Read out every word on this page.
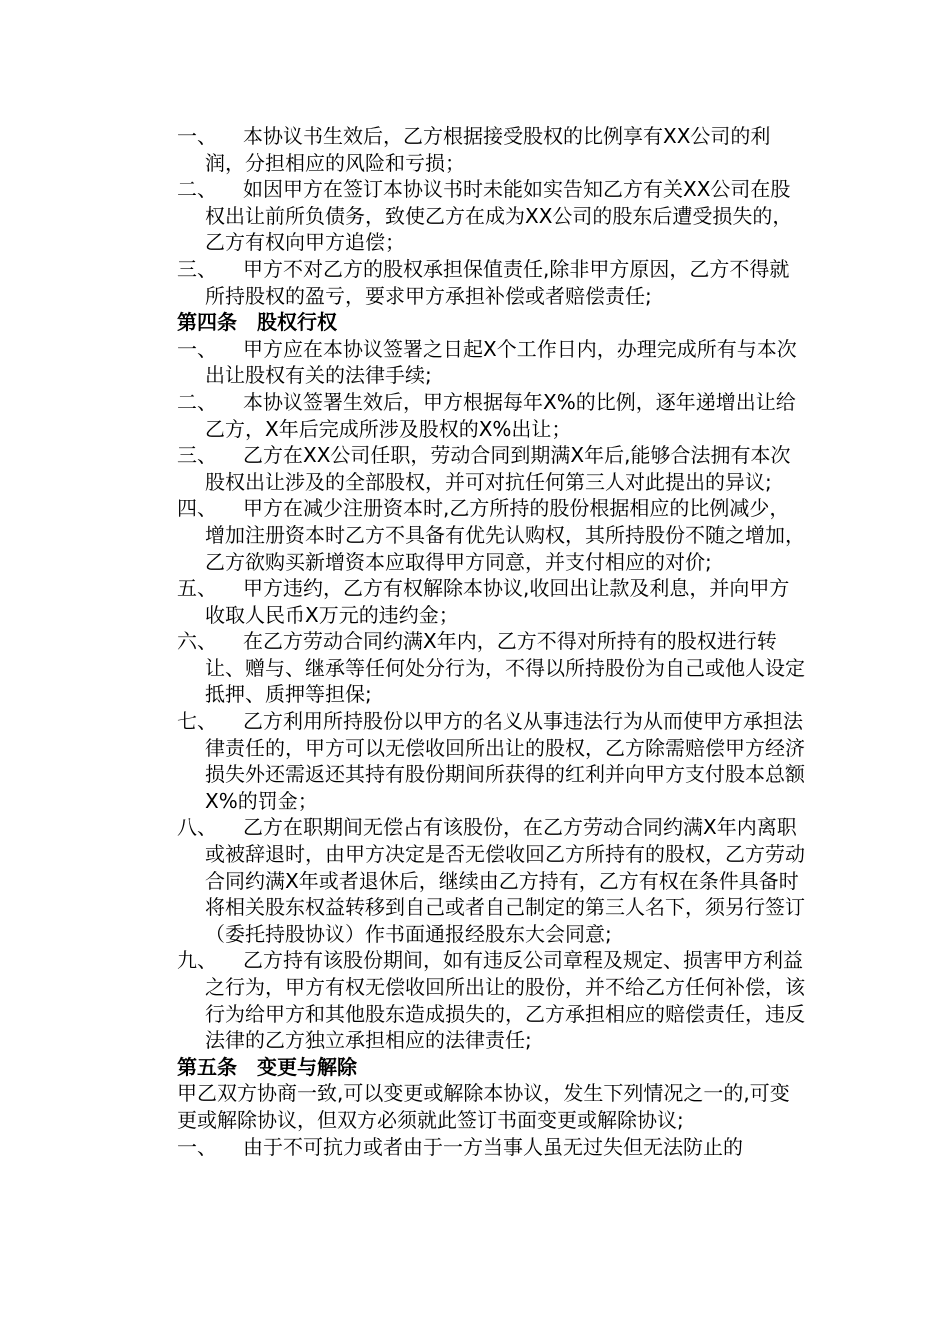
一、 本协议书生效后，乙方根据接受股权的比例享有XX公司的利润，分担相应的风险和亏损；
二、 如因甲方在签订本协议书时未能如实告知乙方有关XX公司在股权出让前所负债务，致使乙方在成为XX公司的股东后遭受损失的，乙方有权向甲方追偿；
三、 甲方不对乙方的股权承担保值责任,除非甲方原因，乙方不得就所持股权的盈亏，要求甲方承担补偿或者赔偿责任;
第四条　股权行权
一、 甲方应在本协议签署之日起X个工作日内，办理完成所有与本次出让股权有关的法律手续;
二、 本协议签署生效后，甲方根据每年X%的比例，逐年递增出让给乙方，X年后完成所涉及股权的X%出让；
三、 乙方在XX公司任职，劳动合同到期满X年后,能够合法拥有本次股权出让涉及的全部股权，并可对抗任何第三人对此提出的异议;
四、 甲方在减少注册资本时,乙方所持的股份根据相应的比例减少，增加注册资本时乙方不具备有优先认购权，其所持股份不随之增加，乙方欲购买新增资本应取得甲方同意，并支付相应的对价;
五、 甲方违约，乙方有权解除本协议,收回出让款及利息，并向甲方收取人民币X万元的违约金；
六、 在乙方劳动合同约满X年内，乙方不得对所持有的股权进行转让、赠与、继承等任何处分行为，不得以所持股份为自己或他人设定抵押、质押等担保;
七、 乙方利用所持股份以甲方的名义从事违法行为从而使甲方承担法律责任的，甲方可以无偿收回所出让的股权，乙方除需赔偿甲方经济损失外还需返还其持有股份期间所获得的红利并向甲方支付股本总额X%的罚金；
八、 乙方在职期间无偿占有该股份，在乙方劳动合同约满X年内离职或被辞退时，由甲方决定是否无偿收回乙方所持有的股权，乙方劳动合同约满X年或者退休后，继续由乙方持有，乙方有权在条件具备时将相关股东权益转移到自己或者自己制定的第三人名下，须另行签订（委托持股协议）作书面通报经股东大会同意;
九、 乙方持有该股份期间，如有违反公司章程及规定、损害甲方利益之行为，甲方有权无偿收回所出让的股份，并不给乙方任何补偿，该行为给甲方和其他股东造成损失的，乙方承担相应的赔偿责任，违反法律的乙方独立承担相应的法律责任;
第五条　变更与解除
甲乙双方协商一致,可以变更或解除本协议，发生下列情况之一的,可变更或解除协议，但双方必须就此签订书面变更或解除协议;
一、 由于不可抗力或者由于一方当事人虽无过失但无法防止的
